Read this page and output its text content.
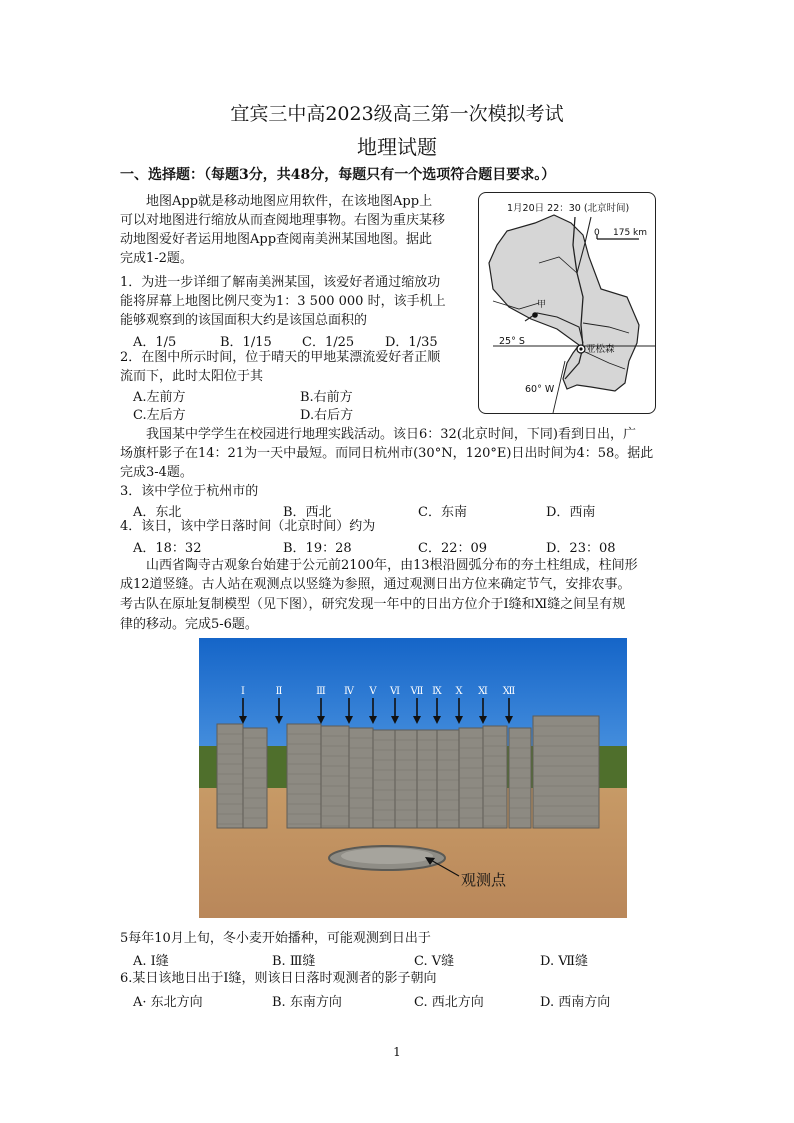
宜宾三中高2023级高三第一次模拟考试
地理试题
一、选择题：（每题3分，共48分，每题只有一个选项符合题目要求。）
地图App就是移动地图应用软件，在该地图App上
可以对地图进行缩放从而查阅地理事物。右图为重庆某移
动地图爱好者运用地图App查阅南美洲某国地图。据此
完成1-2题。
1．为进一步详细了解南美洲某国，该爱好者通过缩放功
能将屏幕上地图比例尺变为1：3 500 000 时，该手机上
能够观察到的该国面积大约是该国总面积的
A．1/5	B．1/15 C．1/25 D．1/35
2．在图中所示时间，位于晴天的甲地某漂流爱好者正顺
流而下，此时太阳位于其
A.左前方	B.右前方
C.左后方	D.右后方
1月20日 22：30 (北京时间)
0 175 km
甲
亚松森
25° S
60° W
我国某中学学生在校园进行地理实践活动。该日6：32(北京时间，下同)看到日出，广
场旗杆影子在14：21为一天中最短。而同日杭州市(30°N，120°E)日出时间为4：58。据此
完成3-4题。
3．该中学位于杭州市的
A．东北	B．西北	C．东南	D．西南
4．该日，该中学日落时间（北京时间）约为
A．18：32	B．19：28	C．22：09	D．23：08
山西省陶寺古观象台始建于公元前2100年，由13根沿圆弧分布的夯土柱组成，柱间形
成12道竖缝。古人站在观测点以竖缝为参照，通过观测日出方位来确定节气，安排农事。
考古队在原址复制模型（见下图），研究发现一年中的日出方位介于Ⅰ缝和Ⅺ缝之间呈有规
律的移动。完成5-6题。
Ⅰ	Ⅱ	Ⅲ Ⅳ Ⅴ Ⅵ Ⅶ Ⅸ Ⅹ Ⅺ Ⅻ
观测点
5每年10月上旬，冬小麦开始播种，可能观测到日出于
A. Ⅰ缝	B. Ⅲ缝	C. Ⅴ缝	D. Ⅶ缝
6.某日该地日出于Ⅰ缝，则该日日落时观测者的影子朝向
A· 东北方向	B. 东南方向	C. 西北方向	D. 西南方向
1
